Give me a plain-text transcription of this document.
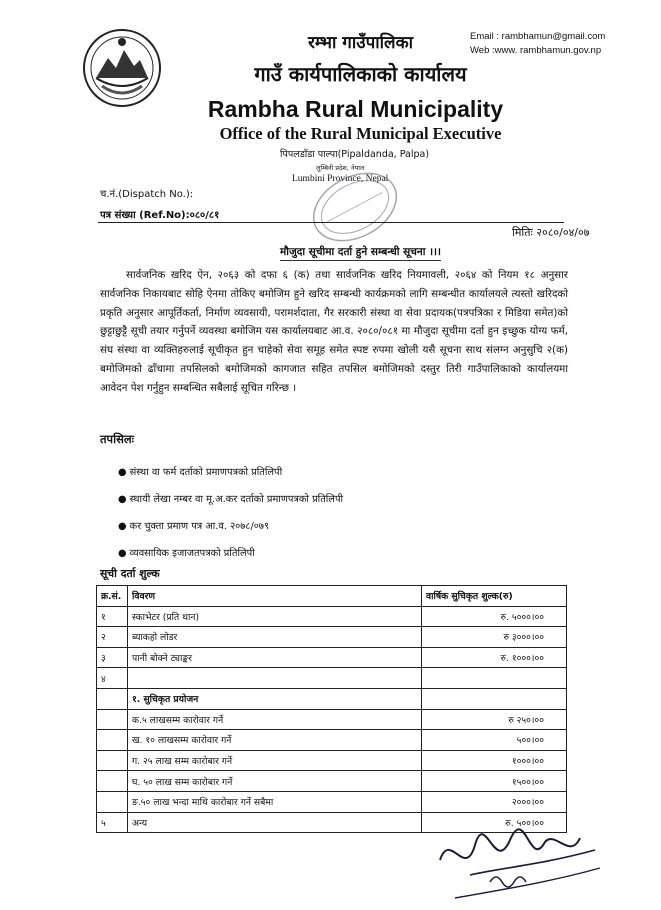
Email : rambhamun@gmail.com
Web :www. rambhamun.gov.np
रम्भा गाउँपालिका
गाउँ कार्यपालिकाको कार्यालय
Rambha Rural Municipality
Office of the Rural Municipal Executive
पिपलडाँडा पाल्पा(Pipaldanda, Palpa)
लुम्बिनी प्रदेश, नेपाल
Lumbini Province, Nepal
च.नं.(Dispatch No.):
पत्र संख्या (Ref.No):०८०/८१
मितिः २०८०/०४/०७
मौजुदा सूचीमा दर्ता हुने सम्बन्धी सूचना ।।।
सार्वजनिक खरिद ऐन, २०६३ को दफा ६ (क) तथा सार्वजनिक खरिद नियमावली, २०६४ को नियम १८ अनुसार सार्वजनिक निकायबाट सोहि ऐनमा तोकिए बमोजिम हुने खरिद सम्बन्धी कार्यक्रमको लागि सम्बन्धीत कार्यालयले त्यस्तो खरिदको प्रकृति अनुसार आपूर्तिकर्ता, निर्माण व्यवसायी, परामर्शदाता, गैर सरकारी संस्था वा सेवा प्रदायक(पत्रपत्रिका र मिडिया समेत)को छुट्टाछुट्टै सूची तयार गर्नुपर्ने व्यवस्था बमोजिम यस कार्यालयबाट आ.व. २०८०/०८१ मा मौजुदा सूचीमा दर्ता हुन इच्छुक योग्य फर्म, संघ संस्था वा व्यक्तिहरुलाई सूचीकृत हुन चाहेको सेवा समूह समेत स्पष्ट रुपमा खोली यसै सूचना साथ संलग्न अनुसुचि २(क) बमोजिमको ढाँचामा तपसिलको बमोजिमको कागजात सहित तपसिल बमोजिमको दस्तुर तिरी गाउँपालिकाको कार्यालयमा आवेदन पेश गर्नुहुन सम्बन्धित सबैलाई सूचित गरिन्छ ।
तपसिलः
● संस्था वा फर्म दर्ताको प्रमाणपत्रको प्रतिलिपी
● स्थायी लेखा नम्बर वा मू.अ.कर दर्ताको प्रमाणपत्रको प्रतिलिपी
● कर चुक्ता प्रमाण पत्र आ.व. २०७८/०७९
● व्यवसायिक इजाजतपत्रको प्रतिलिपी
सूची दर्ता शुल्क
क्र.सं.	विवरण	वार्षिक सुचिकृत शुल्क(रु)
१	स्काभेटर (प्रति थान)	रु. ५०००।००
२	ब्याकहो लोडर	रु ३०००।००
३	पानी बोक्ने ट्याङ्कर	रु. १०००।००
४		
	१. सुचिकृत प्रयोजन	
	क.५ लाखसम्म कारोवार गर्ने	रु २५०।००
	ख. १० लाखसम्म कारोवार गर्ने	५००।००
	ग. २५ लाख सम्म कारोबार गर्ने	१०००।००
	घ. ५० लाख सम्म कारोबार गर्ने	१५००।००
	ङ.५० लाख भन्दा माथि कारोबार गर्ने सबैमा	२०००।००
५	अन्य	रु. ५००।००
